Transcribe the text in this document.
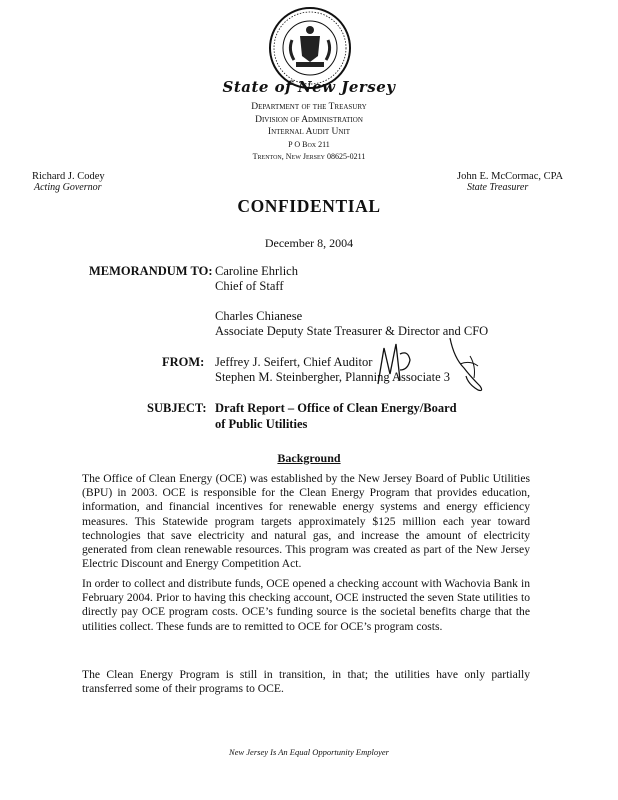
State of New Jersey
Department of the Treasury
Division of Administration
Internal Audit Unit
P O Box 211
Trenton, New Jersey 08625-0211
Richard J. Codey
Acting Governor
John E. McCormac, CPA
State Treasurer
CONFIDENTIAL
December 8, 2004
MEMORANDUM TO: Caroline Ehrlich
Chief of Staff
Charles Chianese
Associate Deputy State Treasurer & Director and CFO
FROM: Jeffrey J. Seifert, Chief Auditor
Stephen M. Steinbergher, Planning Associate 3
SUBJECT: Draft Report – Office of Clean Energy/Board of Public Utilities
Background
The Office of Clean Energy (OCE) was established by the New Jersey Board of Public Utilities (BPU) in 2003. OCE is responsible for the Clean Energy Program that provides education, information, and financial incentives for renewable energy systems and energy efficiency measures. This Statewide program targets approximately $125 million each year toward technologies that save electricity and natural gas, and increase the amount of electricity generated from clean renewable resources. This program was created as part of the New Jersey Electric Discount and Energy Competition Act.
In order to collect and distribute funds, OCE opened a checking account with Wachovia Bank in February 2004. Prior to having this checking account, OCE instructed the seven State utilities to directly pay OCE program costs. OCE’s funding source is the societal benefits charge that the utilities collect. These funds are to remitted to OCE for OCE’s program costs.
The Clean Energy Program is still in transition, in that; the utilities have only partially transferred some of their programs to OCE.
New Jersey Is An Equal Opportunity Employer
